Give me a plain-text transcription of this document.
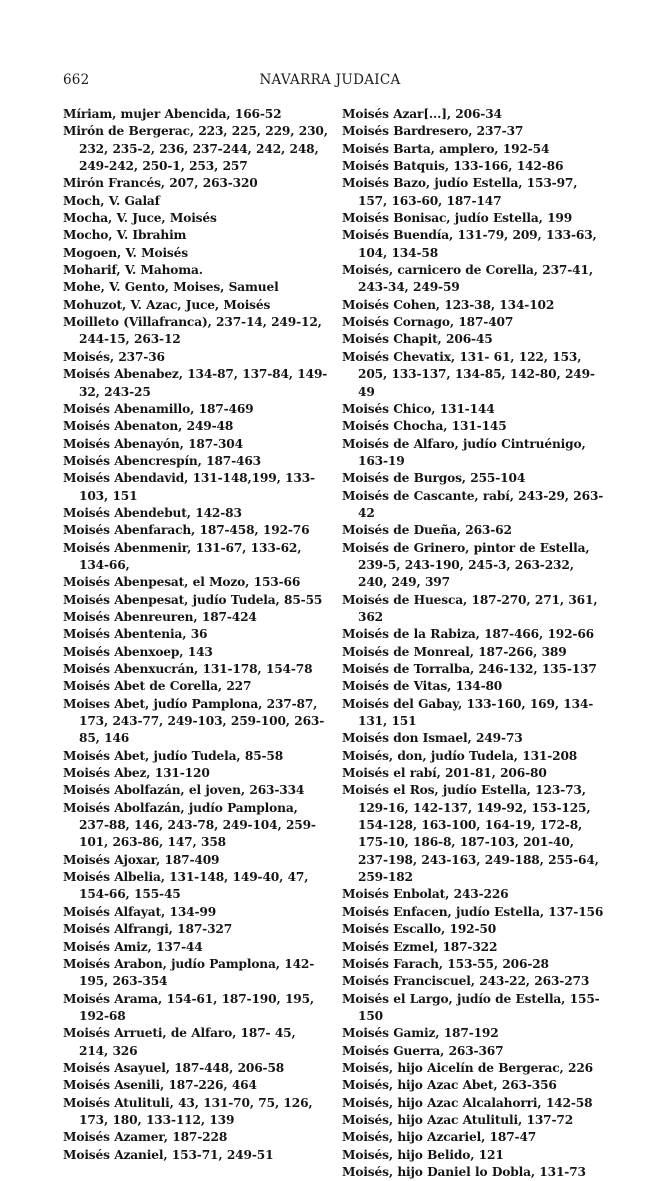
662	NAVARRA JUDAICA
Míriam, mujer Abencida, 166-52
Mirón de Bergerac, 223, 225, 229, 230, 232, 235-2, 236, 237-244, 242, 248, 249-242, 250-1, 253, 257
Mirón Francés, 207, 263-320
Moch, V. Galaf
Mocha, V. Juce, Moisés
Mocho, V. Ibrahim
Mogoen, V. Moisés
Moharif, V. Mahoma.
Mohe, V. Gento, Moises, Samuel
Mohuzot, V. Azac, Juce, Moisés
Moilleto (Villafranca), 237-14, 249-12, 244-15, 263-12
Moisés, 237-36
Moisés Abenabez, 134-87, 137-84, 149-32, 243-25
Moisés Abenamillo, 187-469
Moisés Abenaton, 249-48
Moisés Abenayón, 187-304
Moisés Abencrespín, 187-463
Moisés Abendavid, 131-148,199, 133-103, 151
Moisés Abendebut, 142-83
Moisés Abenfarach, 187-458, 192-76
Moisés Abenmenir, 131-67, 133-62, 134-66,
Moisés Abenpesat, el Mozo, 153-66
Moisés Abenpesat, judío Tudela, 85-55
Moisés Abenreuren, 187-424
Moisés Abentenia, 36
Moisés Abenxoep, 143
Moisés Abenxucrán, 131-178, 154-78
Moisés Abet de Corella, 227
Moises Abet, judío Pamplona, 237-87, 173, 243-77, 249-103, 259-100, 263-85, 146
Moisés Abet, judío Tudela, 85-58
Moisés Abez, 131-120
Moisés Abolfazán, el joven, 263-334
Moisés Abolfazán, judío Pamplona, 237-88, 146, 243-78, 249-104, 259-101, 263-86, 147, 358
Moisés Ajoxar, 187-409
Moisés Albelia, 131-148, 149-40, 47, 154-66, 155-45
Moisés Alfayat, 134-99
Moisés Alfrangi, 187-327
Moisés Amiz, 137-44
Moisés Arabon, judío Pamplona, 142-195, 263-354
Moisés Arama, 154-61, 187-190, 195, 192-68
Moisés Arrueti, de Alfaro, 187- 45, 214, 326
Moisés Asayuel, 187-448, 206-58
Moisés Asenili, 187-226, 464
Moisés Atulituli, 43, 131-70, 75, 126, 173, 180, 133-112, 139
Moisés Azamer, 187-228
Moisés Azaniel, 153-71, 249-51
Moisés Azar[...], 206-34
Moisés Bardresero, 237-37
Moisés Barta, amplero, 192-54
Moisés Batquis, 133-166, 142-86
Moisés Bazo, judío Estella, 153-97, 157, 163-60, 187-147
Moisés Bonisac, judío Estella, 199
Moisés Buendía, 131-79, 209, 133-63, 104, 134-58
Moisés, carnicero de Corella, 237-41, 243-34, 249-59
Moisés Cohen, 123-38, 134-102
Moisés Cornago, 187-407
Moisés Chapit, 206-45
Moisés Chevatix, 131- 61, 122, 153, 205, 133-137, 134-85, 142-80, 249-49
Moisés Chico, 131-144
Moisés Chocha, 131-145
Moisés de Alfaro, judío Cintruénigo, 163-19
Moisés de Burgos, 255-104
Moisés de Cascante, rabí, 243-29, 263-42
Moisés de Dueña, 263-62
Moisés de Grinero, pintor de Estella, 239-5, 243-190, 245-3, 263-232, 240, 249, 397
Moisés de Huesca, 187-270, 271, 361, 362
Moisés de la Rabiza, 187-466, 192-66
Moisés de Monreal, 187-266, 389
Moisés de Torralba, 246-132, 135-137
Moisés de Vitas, 134-80
Moisés del Gabay, 133-160, 169, 134-131, 151
Moisés don Ismael, 249-73
Moisés, don, judío Tudela, 131-208
Moisés el rabí, 201-81, 206-80
Moisés el Ros, judío Estella, 123-73, 129-16, 142-137, 149-92, 153-125, 154-128, 163-100, 164-19, 172-8, 175-10, 186-8, 187-103, 201-40, 237-198, 243-163, 249-188, 255-64, 259-182
Moisés Enbolat, 243-226
Moisés Enfacen, judío Estella, 137-156
Moisés Escallo, 192-50
Moisés Ezmel, 187-322
Moisés Farach, 153-55, 206-28
Moisés Franciscuel, 243-22, 263-273
Moisés el Largo, judío de Estella, 155-150
Moisés Gamiz, 187-192
Moisés Guerra, 263-367
Moisés, hijo Aicelín de Bergerac, 226
Moisés, hijo Azac Abet, 263-356
Moisés, hijo Azac Alcalahorri, 142-58
Moisés, hijo Azac Atulituli, 137-72
Moisés, hijo Azcariel, 187-47
Moisés, hijo Belido, 121
Moisés, hijo Daniel lo Dobla, 131-73
